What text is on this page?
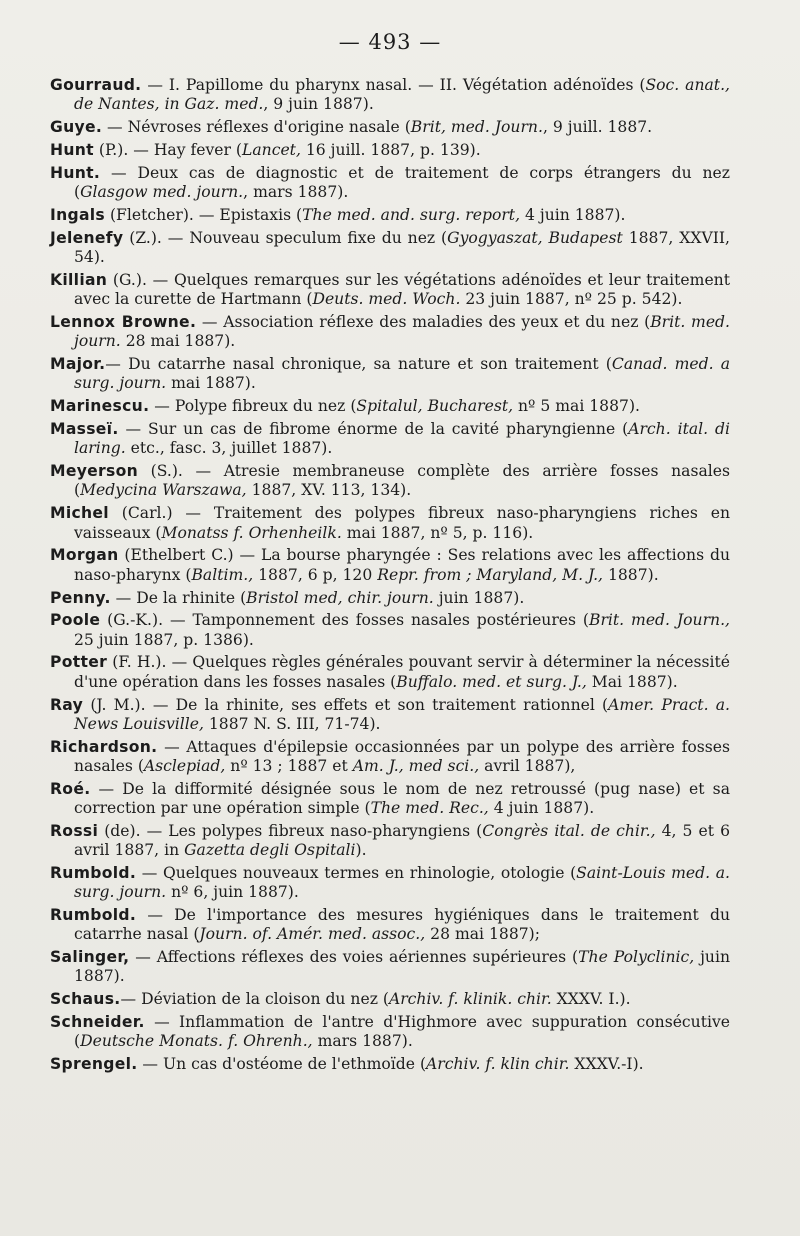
— 493 —

Gourraud. — I. Papillome du pharynx nasal. — II. Végétation adénoïdes (Soc. anat., de Nantes, in Gaz. med., 9 juin 1887).

Guye. — Névroses réflexes d'origine nasale (Brit, med. Journ., 9 juill. 1887.

Hunt (P.). — Hay fever (Lancet, 16 juill. 1887, p. 139).

Hunt. — Deux cas de diagnostic et de traitement de corps étrangers du nez (Glasgow med. journ., mars 1887).

Ingals (Fletcher). — Epistaxis (The med. and. surg. report, 4 juin 1887).

Jelenefy (Z.). — Nouveau speculum fixe du nez (Gyogyaszat, Budapest 1887, XXVII, 54).

Killian (G.). — Quelques remarques sur les végétations adénoïdes et leur traitement avec la curette de Hartmann (Deuts. med. Woch. 23 juin 1887, nº 25 p. 542).

Lennox Browne. — Association réflexe des maladies des yeux et du nez (Brit. med. journ. 28 mai 1887).

Major.— Du catarrhe nasal chronique, sa nature et son traitement (Canad. med. a surg. journ. mai 1887).

Marinescu. — Polype fibreux du nez (Spitalul, Bucharest, nº 5 mai 1887).

Masseï. — Sur un cas de fibrome énorme de la cavité pharyngienne (Arch. ital. di laring. etc., fasc. 3, juillet 1887).

Meyerson (S.). — Atresie membraneuse complète des arrière fosses nasales (Medycina Warszawa, 1887, XV. 113, 134).

Michel (Carl.) — Traitement des polypes fibreux naso-pharyngiens riches en vaisseaux (Monatss f. Orhenheilk. mai 1887, nº 5, p. 116).

Morgan (Ethelbert C.) — La bourse pharyngée : Ses relations avec les affections du naso-pharynx (Baltim., 1887, 6 p, 120 Repr. from ; Maryland, M. J., 1887).

Penny. — De la rhinite (Bristol med, chir. journ. juin 1887).

Poole (G.-K.). — Tamponnement des fosses nasales postérieures (Brit. med. Journ., 25 juin 1887, p. 1386).

Potter (F. H.). — Quelques règles générales pouvant servir à déterminer la nécessité d'une opération dans les fosses nasales (Buffalo. med. et surg. J., Mai 1887).

Ray (J. M.). — De la rhinite, ses effets et son traitement rationnel (Amer. Pract. a. News Louisville, 1887 N. S. III, 71-74).

Richardson. — Attaques d'épilepsie occasionnées par un polype des arrière fosses nasales (Asclepiad, nº 13 ; 1887 et Am. J., med sci., avril 1887),

Roé. — De la difformité désignée sous le nom de nez retroussé (pug nase) et sa correction par une opération simple (The med. Rec., 4 juin 1887).

Rossi (de). — Les polypes fibreux naso-pharyngiens (Congrès ital. de chir., 4, 5 et 6 avril 1887, in Gazetta degli Ospitali).

Rumbold. — Quelques nouveaux termes en rhinologie, otologie (Saint-Louis med. a. surg. journ. nº 6, juin 1887).

Rumbold. — De l'importance des mesures hygiéniques dans le traitement du catarrhe nasal (Journ. of. Amér. med. assoc., 28 mai 1887);

Salinger, — Affections réflexes des voies aériennes supérieures (The Polyclinic, juin 1887).

Schaus.— Déviation de la cloison du nez (Archiv. f. klinik. chir. XXXV. I.).

Schneider. — Inflammation de l'antre d'Highmore avec suppuration consécutive (Deutsche Monats. f. Ohrenh., mars 1887).

Sprengel. — Un cas d'ostéome de l'ethmoïde (Archiv. f. klin chir. XXXV.-I).
